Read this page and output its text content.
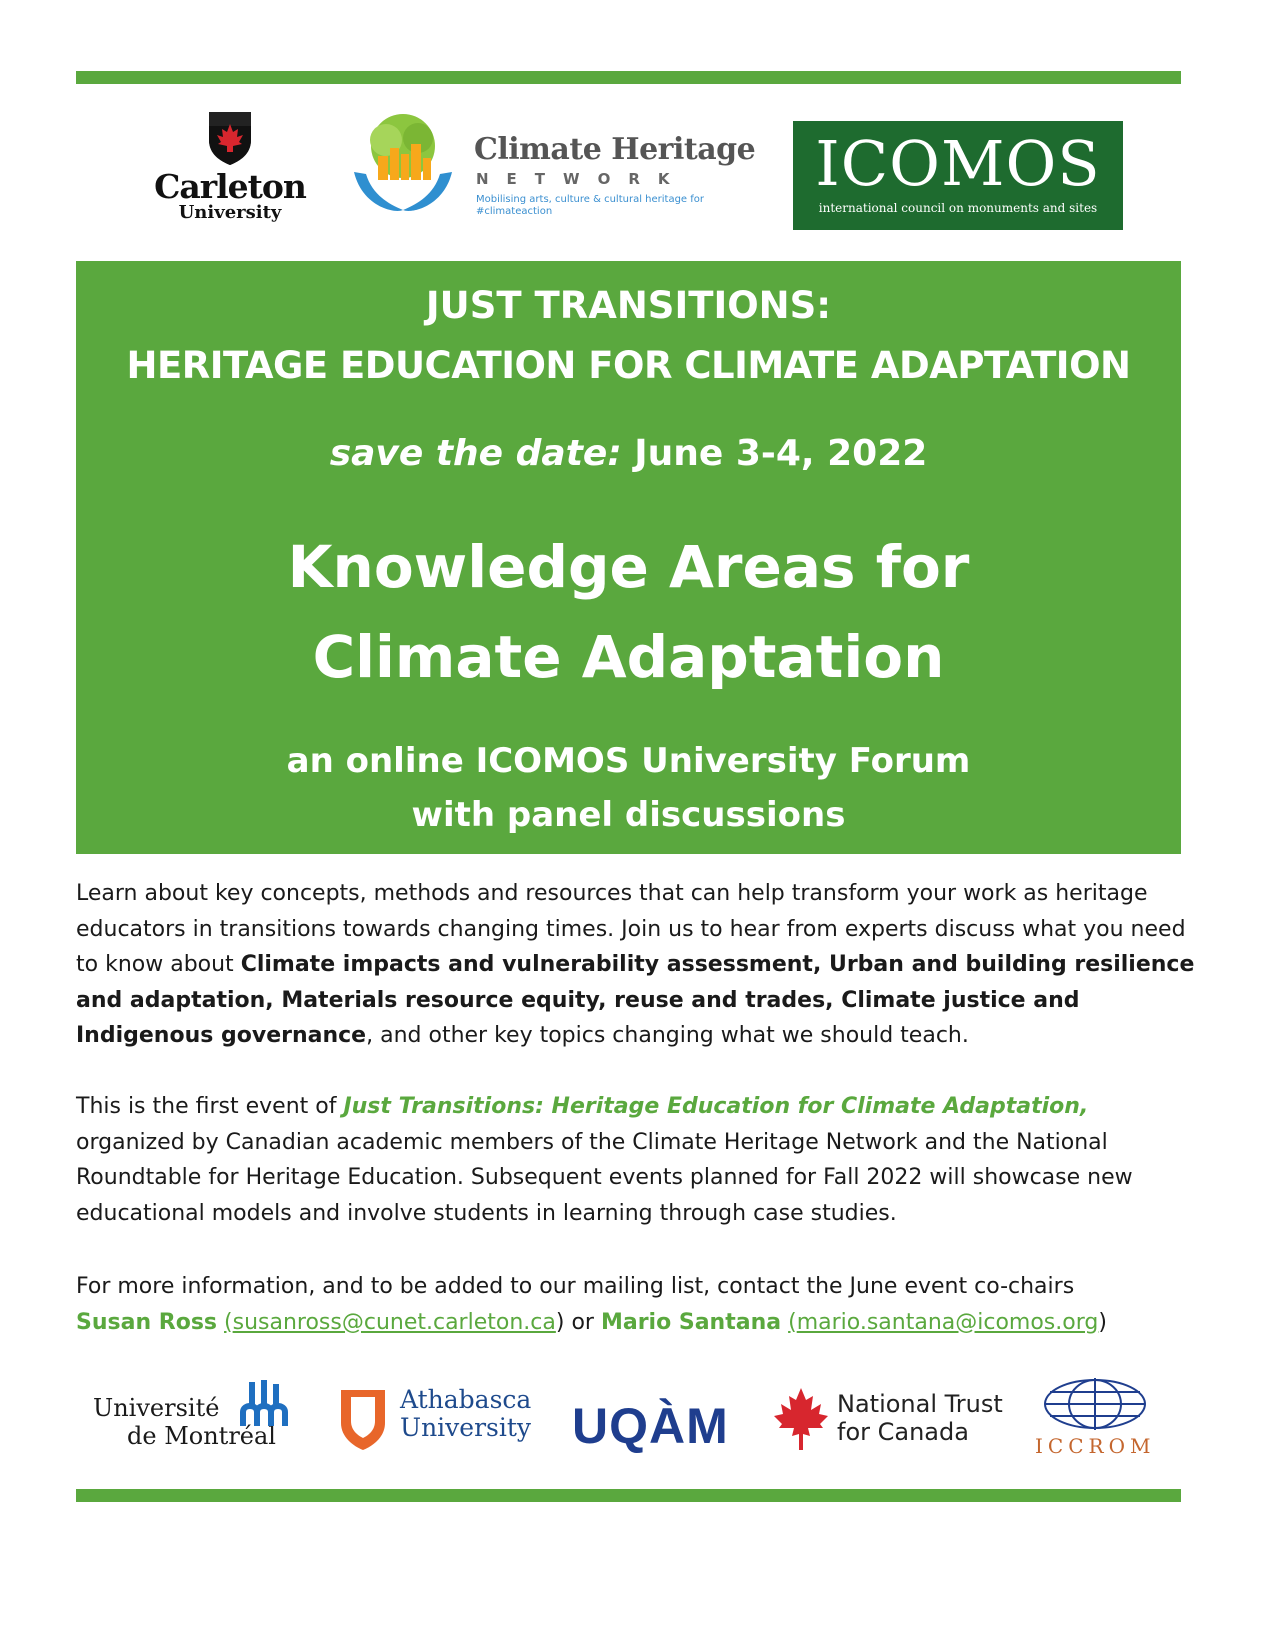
Carleton
University
Climate Heritage
NETWORK
Mobilising arts, culture & cultural heritage for #climateaction
ICOMOS
international council on monuments and sites
JUST TRANSITIONS:
HERITAGE EDUCATION FOR CLIMATE ADAPTATION
save the date: June 3-4, 2022
Knowledge Areas for
Climate Adaptation
an online ICOMOS University Forum
with panel discussions
Learn about key concepts, methods and resources that can help transform your work as heritage educators in transitions towards changing times. Join us to hear from experts discuss what you need to know about Climate impacts and vulnerability assessment, Urban and building resilience and adaptation, Materials resource equity, reuse and trades, Climate justice and Indigenous governance, and other key topics changing what we should teach.
This is the first event of Just Transitions: Heritage Education for Climate Adaptation, organized by Canadian academic members of the Climate Heritage Network and the National Roundtable for Heritage Education. Subsequent events planned for Fall 2022 will showcase new educational models and involve students in learning through case studies.
For more information, and to be added to our mailing list, contact the June event co-chairs
Susan Ross (susanross@cunet.carleton.ca) or Mario Santana (mario.santana@icomos.org)
Université
de Montréal
Athabasca
University UQÀM	National Trust
for Canada	ICCROM
